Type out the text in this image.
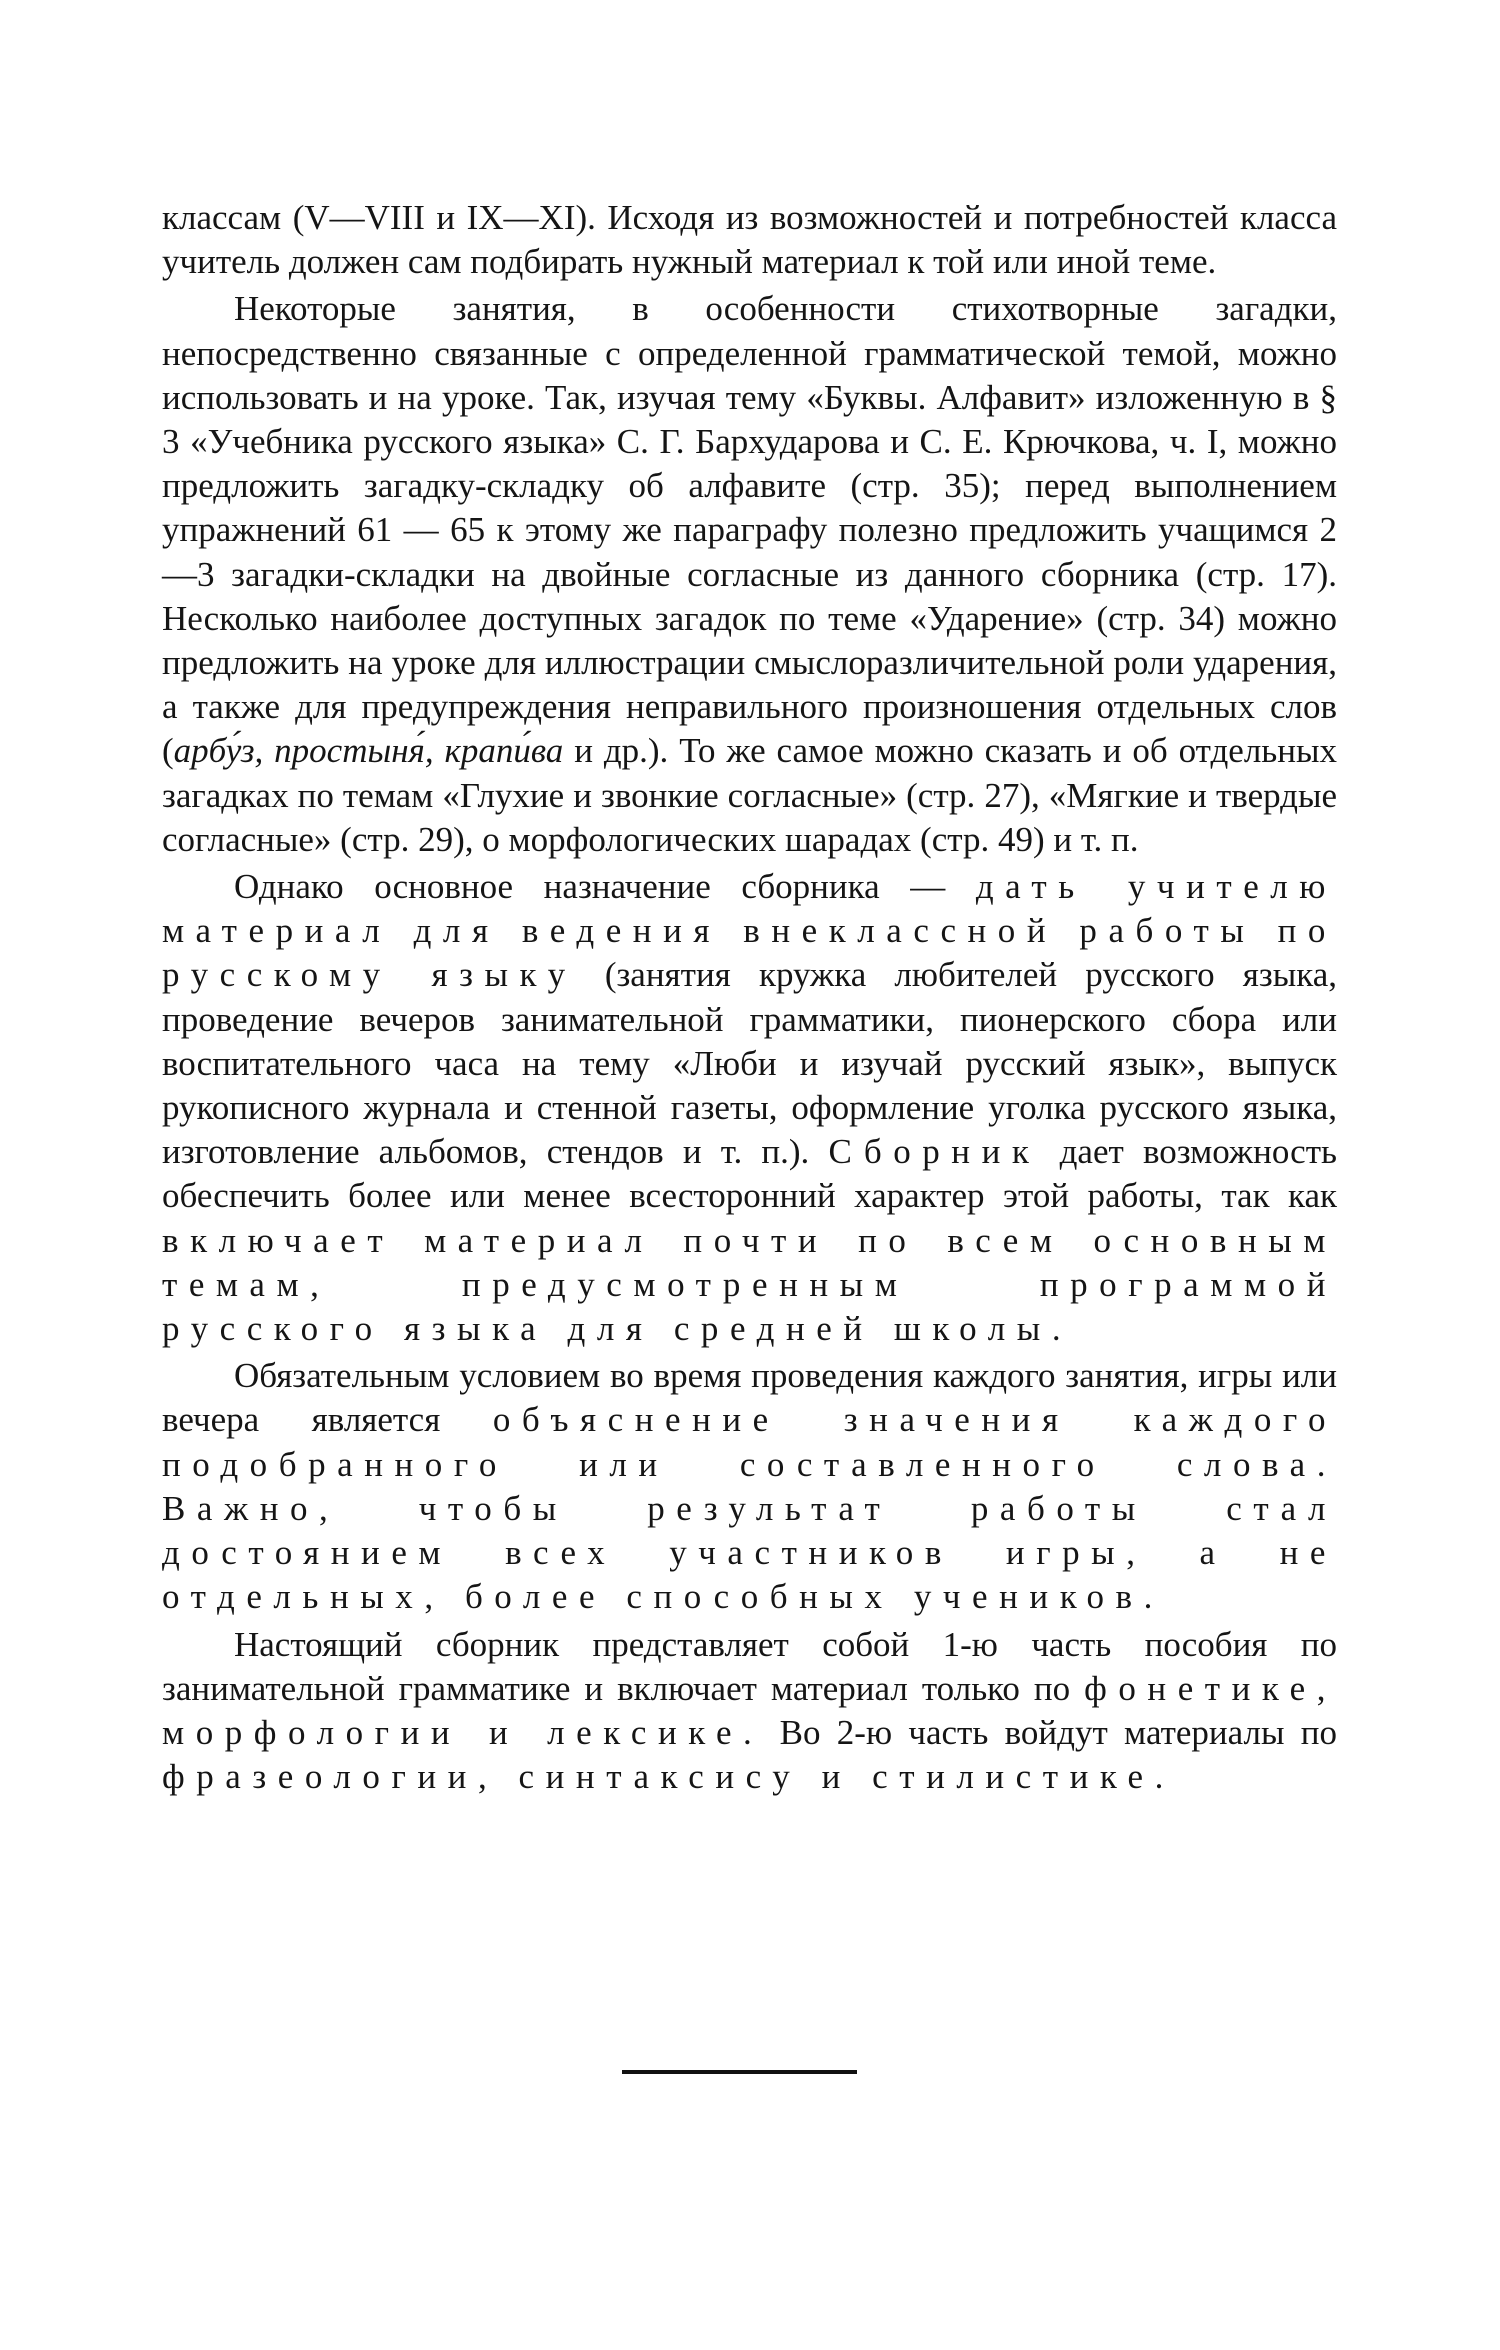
классам (V—VIII и IX—XI). Исходя из возможностей и потребностей класса учитель должен сам подбирать нужный материал к той или иной теме.

Некоторые занятия, в особенности стихотворные загадки, непосредственно связанные с определенной грамматической темой, можно использовать и на уроке. Так, изучая тему «Буквы. Алфавит» изложенную в § 3 «Учебника русского языка» С. Г. Бархударова и С. Е. Крючкова, ч. I, можно предложить загадку-складку об алфавите (стр. 35); перед выполнением упражнений 61 — 65 к этому же параграфу полезно предложить учащимся 2—3 загадки-складки на двойные согласные из данного сборника (стр. 17). Несколько наиболее доступных загадок по теме «Ударение» (стр. 34) можно предложить на уроке для иллюстрации смыслоразличительной роли ударения, а также для предупреждения неправильного произношения отдельных слов (арбу́з, простыня́, крапи́ва и др.). То же самое можно сказать и об отдельных загадках по темам «Глухие и звонкие согласные» (стр. 27), «Мягкие и твердые согласные» (стр. 29), о морфологических шарадах (стр. 49) и т. п.

Однако основное назначение сборника — дать учителю материал для ведения внеклассной работы по русскому языку (занятия кружка любителей русского языка, проведение вечеров занимательной грамматики, пионерского сбора или воспитательного часа на тему «Люби и изучай русский язык», выпуск рукописного журнала и стенной газеты, оформление уголка русского языка, изготовление альбомов, стендов и т. п.). Сборник дает возможность обеспечить более или менее всесторонний характер этой работы, так как включает материал почти по всем основным темам, предусмотренным программой русского языка для средней школы.

Обязательным условием во время проведения каждого занятия, игры или вечера является объяснение значения каждого подобранного или составленного слова. Важно, чтобы результат работы стал достоянием всех участников игры, а не отдельных, более способных учеников.

Настоящий сборник представляет собой 1-ю часть пособия по занимательной грамматике и включает материал только по фонетике, морфологии и лексике. Во 2-ю часть войдут материалы по фразеологии, синтаксису и стилистике.
